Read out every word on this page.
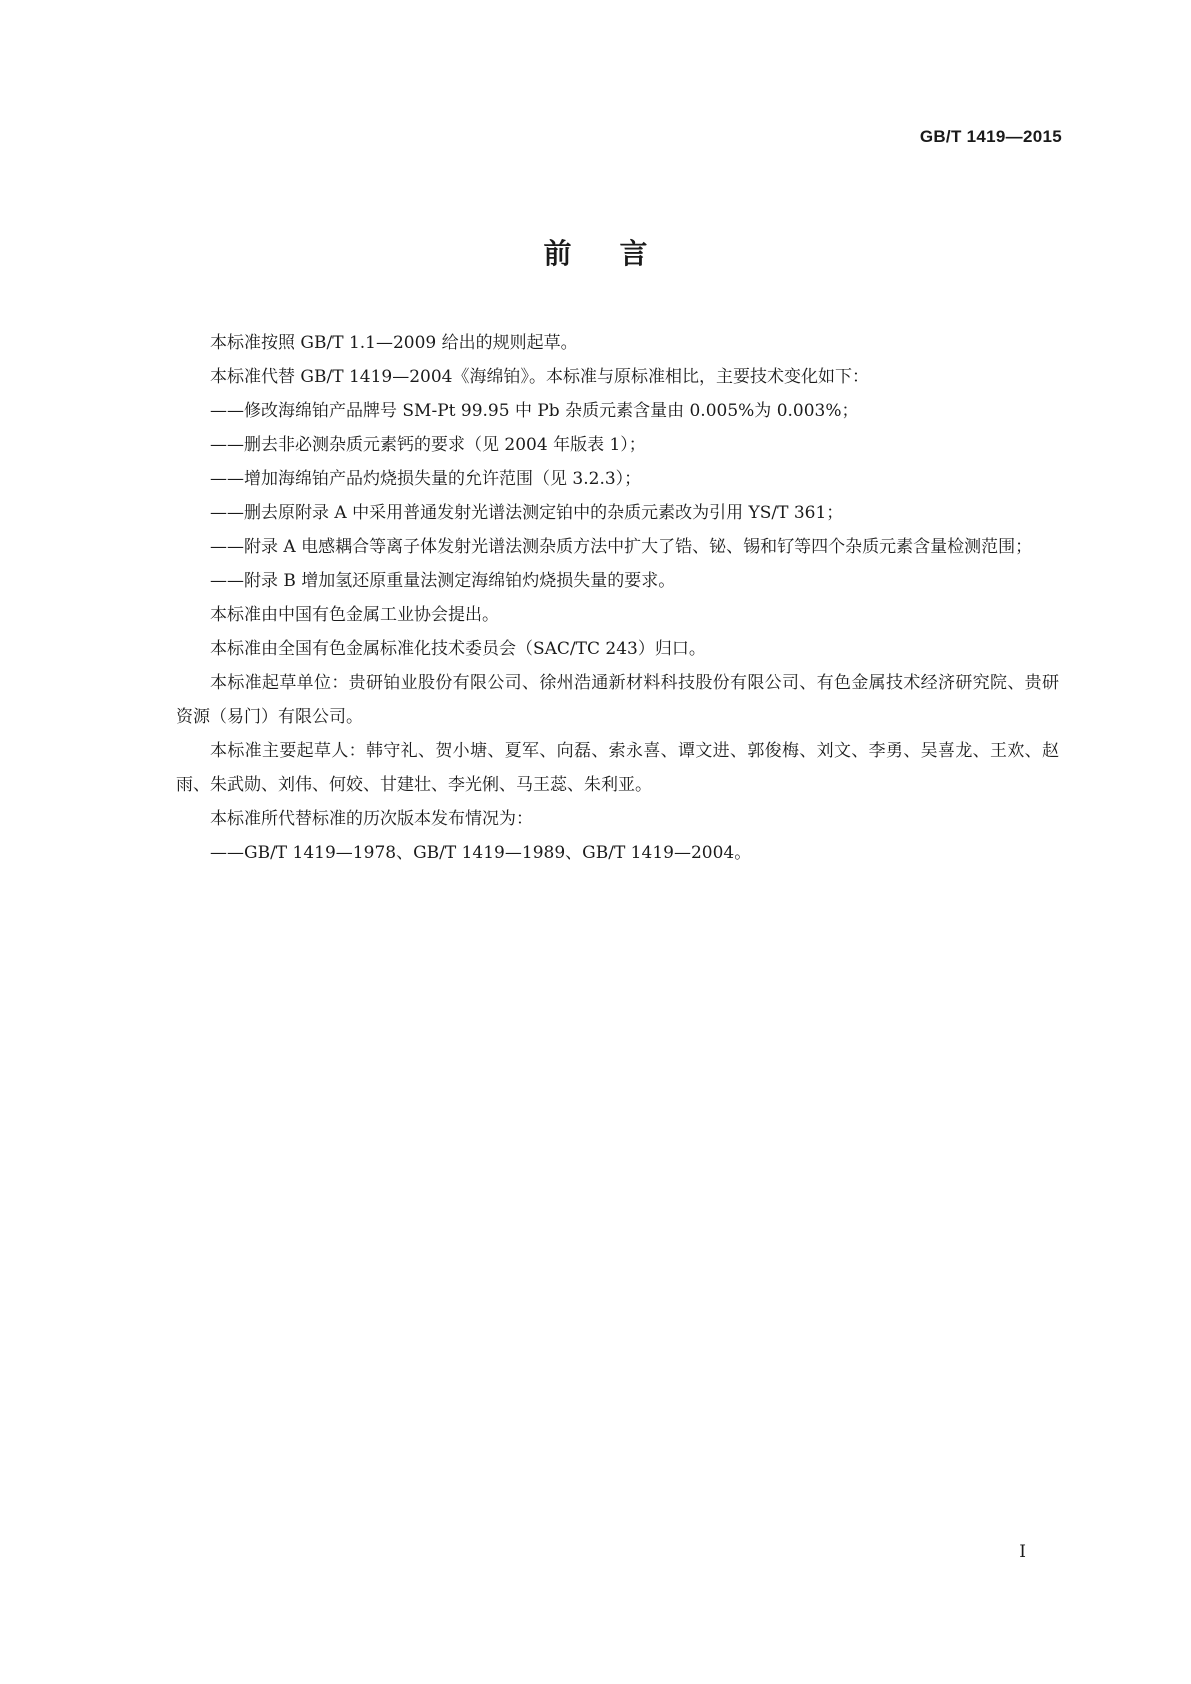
GB/T 1419—2015
前言

本标准按照 GB/T 1.1—2009 给出的规则起草。

本标准代替 GB/T 1419—2004《海绵铂》。本标准与原标准相比，主要技术变化如下：

——修改海绵铂产品牌号 SM-Pt 99.95 中 Pb 杂质元素含量由 0.005%为 0.003%；

——删去非必测杂质元素钙的要求（见 2004 年版表 1）；

——增加海绵铂产品灼烧损失量的允许范围（见 3.2.3）；

——删去原附录 A 中采用普通发射光谱法测定铂中的杂质元素改为引用 YS/T 361；

——附录 A 电感耦合等离子体发射光谱法测杂质方法中扩大了锆、铋、锡和钌等四个杂质元素含量检测范围；

——附录 B 增加氢还原重量法测定海绵铂灼烧损失量的要求。

本标准由中国有色金属工业协会提出。

本标准由全国有色金属标准化技术委员会（SAC/TC 243）归口。

本标准起草单位：贵研铂业股份有限公司、徐州浩通新材料科技股份有限公司、有色金属技术经济研究院、贵研资源（易门）有限公司。

本标准主要起草人：韩守礼、贺小塘、夏军、向磊、索永喜、谭文进、郭俊梅、刘文、李勇、吴喜龙、王欢、赵雨、朱武勋、刘伟、何姣、甘建壮、李光俐、马王蕊、朱利亚。

本标准所代替标准的历次版本发布情况为：

——GB/T 1419—1978、GB/T 1419—1989、GB/T 1419—2004。

I
